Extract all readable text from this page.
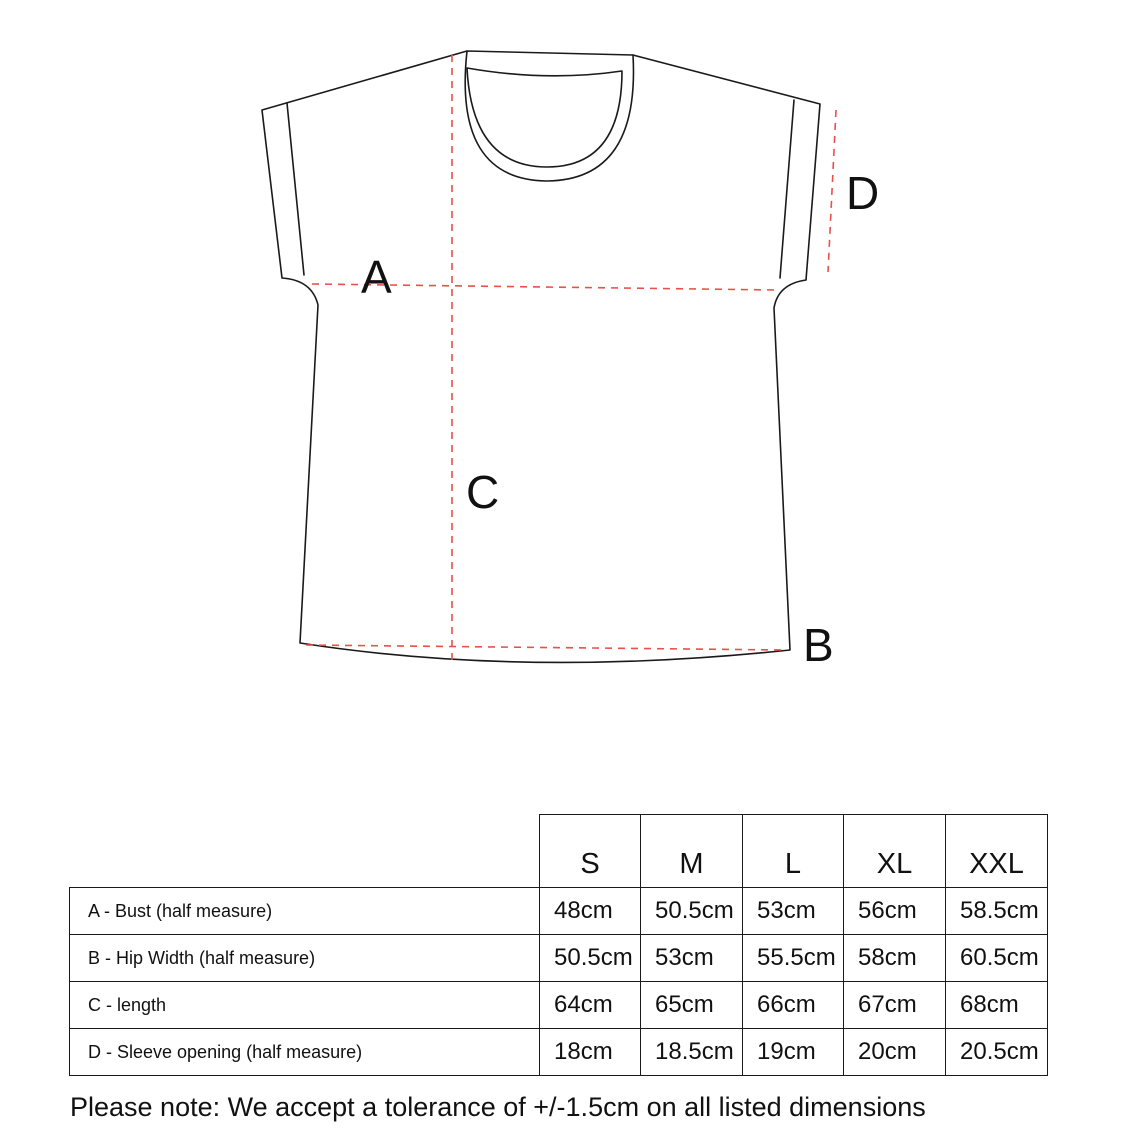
A
B
C
D
	S	M	L	XL	XXL
A - Bust (half measure)	48cm	50.5cm	53cm	56cm	58.5cm
B - Hip Width (half measure)	50.5cm	53cm	55.5cm	58cm	60.5cm
C - length	64cm	65cm	66cm	67cm	68cm
D - Sleeve opening (half measure)	18cm	18.5cm	19cm	20cm	20.5cm
Please note: We accept a tolerance of +/-1.5cm on all listed dimensions
